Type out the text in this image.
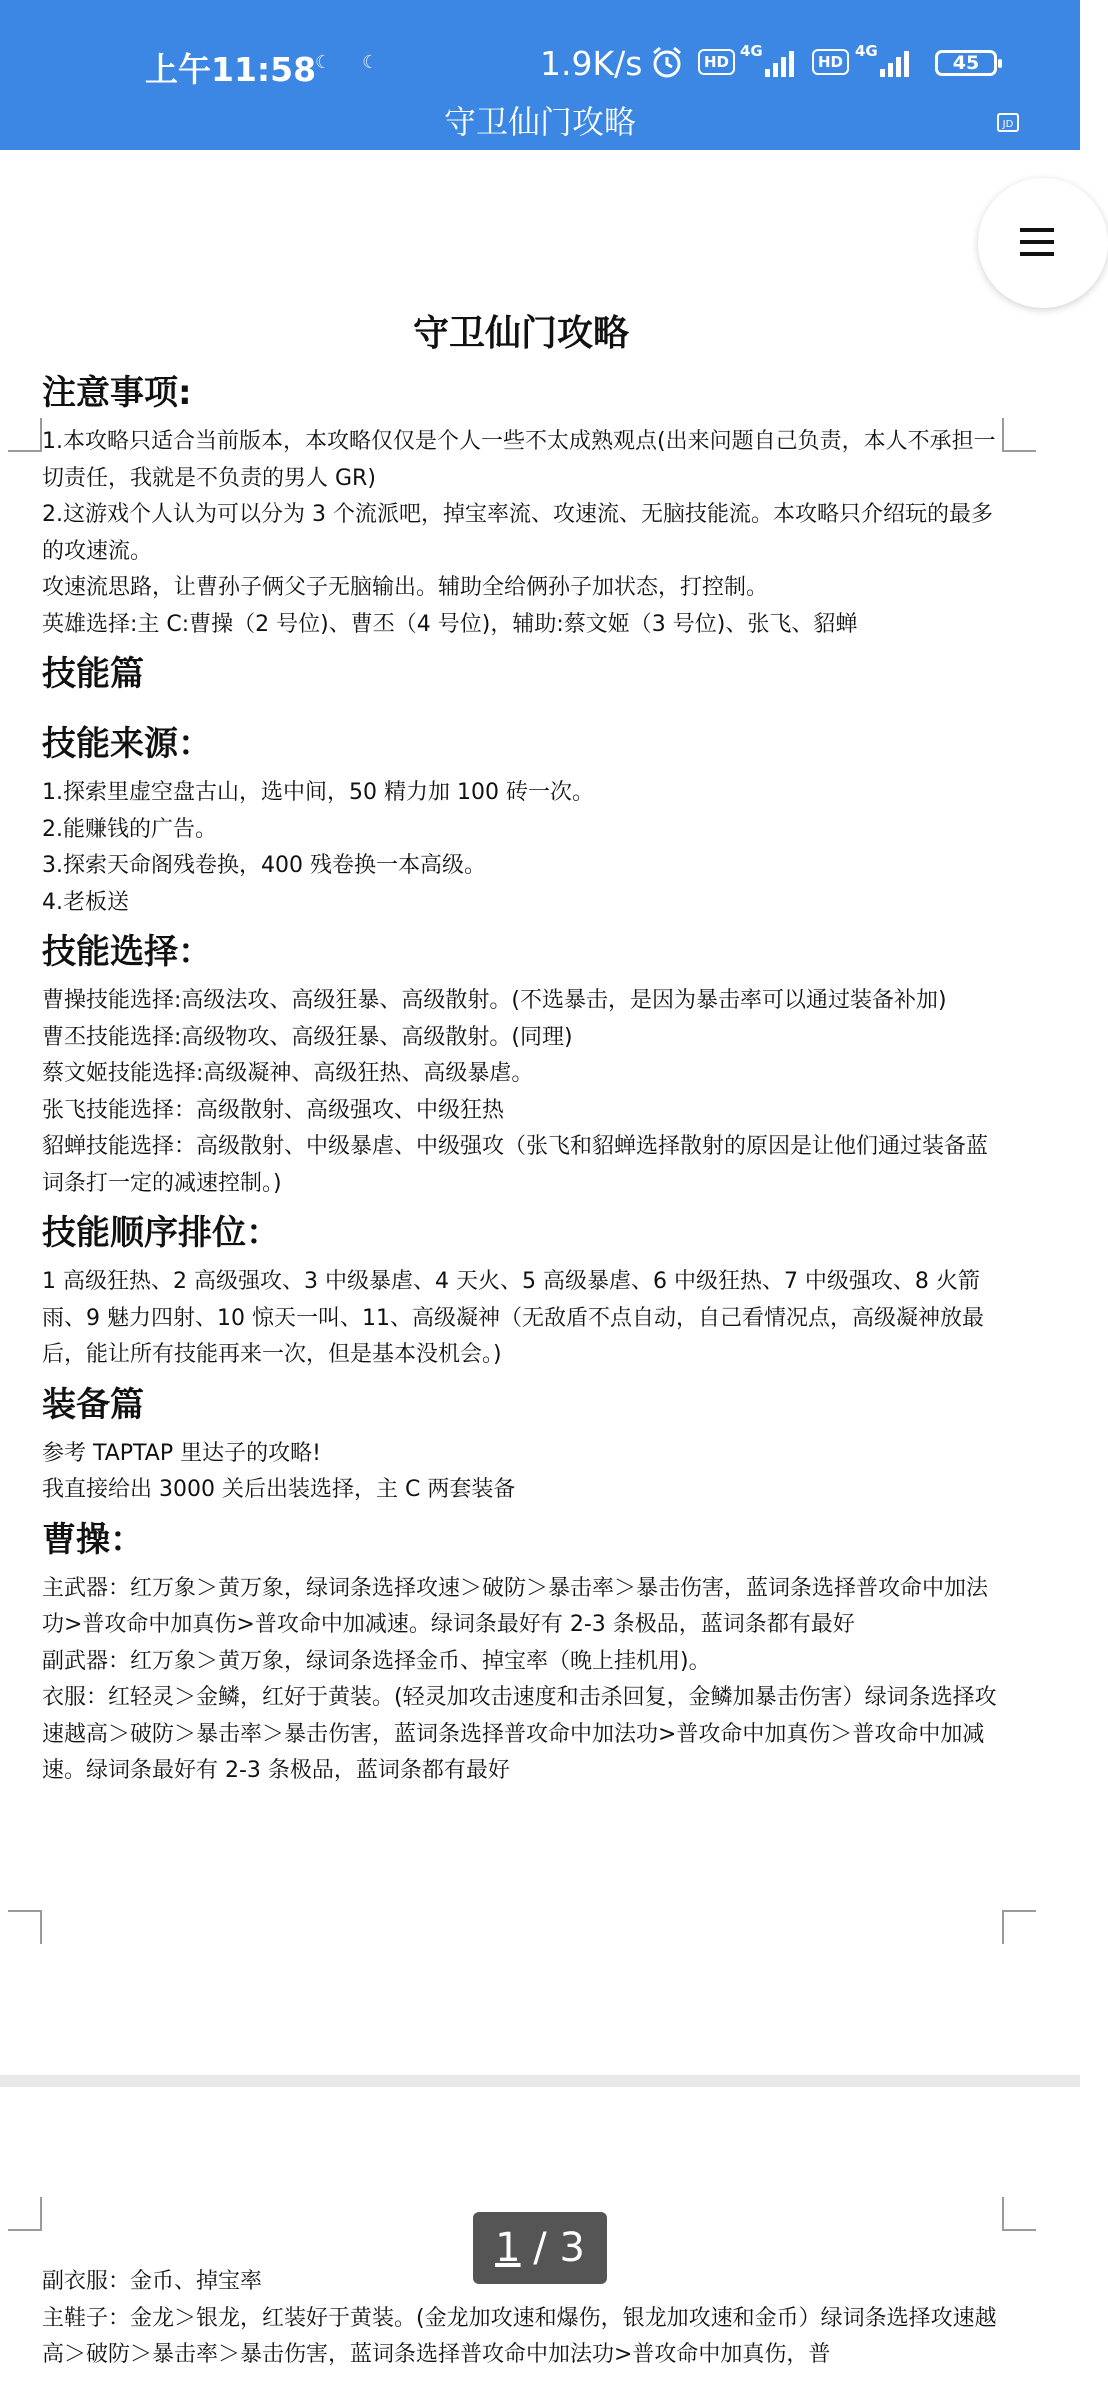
上午11:58
☾ ☾	1.9K/s	HD
4G
HD
4G
45
守卫仙门攻略	JD
守卫仙门攻略
注意事项:

1.本攻略只适合当前版本，本攻略仅仅是个人一些不太成熟观点(出来问题自己负责，本人不承担一切责任，我就是不负责的男人 GR)

2.这游戏个人认为可以分为 3 个流派吧，掉宝率流、攻速流、无脑技能流。本攻略只介绍玩的最多的攻速流。

攻速流思路，让曹孙子俩父子无脑输出。辅助全给俩孙子加状态，打控制。

英雄选择:主 C:曹操（2 号位)、曹丕（4 号位)，辅助:蔡文姬（3 号位)、张飞、貂蝉

技能篇
技能来源：

1.探索里虚空盘古山，选中间，50 精力加 100 砖一次。

2.能赚钱的广告。

3.探索天命阁残卷换，400 残卷换一本高级。

4.老板送

技能选择：

曹操技能选择:高级法攻、高级狂暴、高级散射。(不选暴击，是因为暴击率可以通过装备补加)

曹丕技能选择:高级物攻、高级狂暴、高级散射。(同理)

蔡文姬技能选择:高级凝神、高级狂热、高级暴虐。

张飞技能选择：高级散射、高级强攻、中级狂热

貂蝉技能选择：高级散射、中级暴虐、中级强攻（张飞和貂蝉选择散射的原因是让他们通过装备蓝词条打一定的减速控制。)

技能顺序排位：

1 高级狂热、2 高级强攻、3 中级暴虐、4 天火、5 高级暴虐、6 中级狂热、7 中级强攻、8 火箭雨、9 魅力四射、10 惊天一叫、11、高级凝神（无敌盾不点自动，自己看情况点，高级凝神放最后，能让所有技能再来一次，但是基本没机会。)

装备篇

参考 TAPTAP 里达子的攻略!

我直接给出 3000 关后出装选择，主 C 两套装备

曹操：

主武器：红万象＞黄万象，绿词条选择攻速＞破防＞暴击率＞暴击伤害，蓝词条选择普攻命中加法功>普攻命中加真伤>普攻命中加减速。绿词条最好有 2-3 条极品，蓝词条都有最好

副武器：红万象＞黄万象，绿词条选择金币、掉宝率（晚上挂机用)。

衣服：红轻灵＞金鳞，红好于黄装。(轻灵加攻击速度和击杀回复，金鳞加暴击伤害）绿词条选择攻速越高＞破防＞暴击率＞暴击伤害，蓝词条选择普攻命中加法功>普攻命中加真伤＞普攻命中加减速。绿词条最好有 2-3 条极品，蓝词条都有最好

副衣服：金币、掉宝率

主鞋子：金龙＞银龙，红装好于黄装。(金龙加攻速和爆伤，银龙加攻速和金币）绿词条选择攻速越高＞破防＞暴击率＞暴击伤害，蓝词条选择普攻命中加法功>普攻命中加真伤，普

1 / 3
